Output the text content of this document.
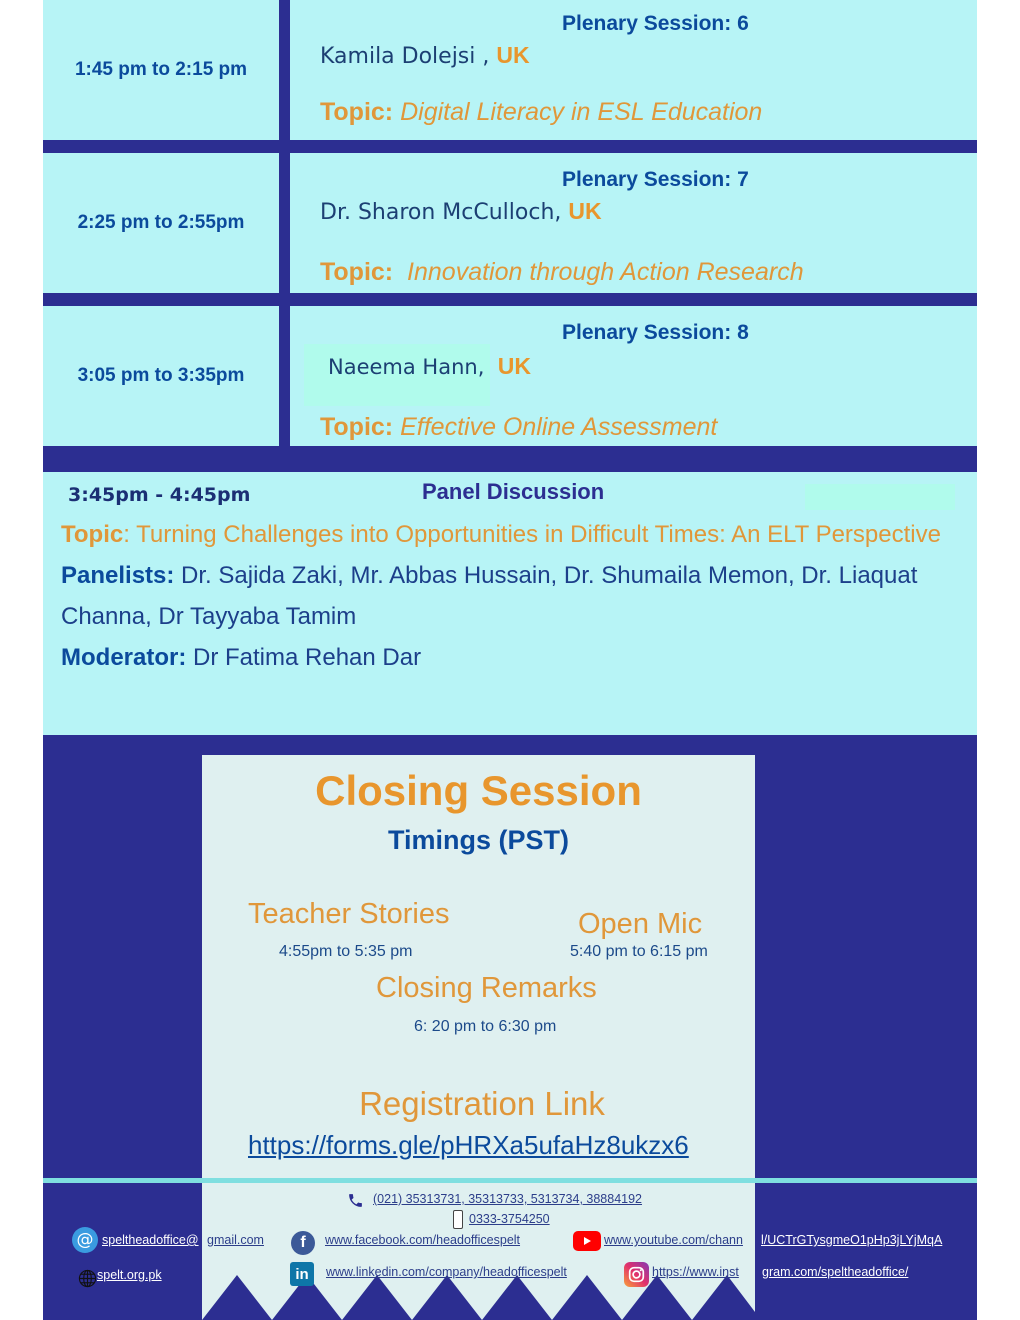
1:45 pm to 2:15 pm
Plenary Session: 6
Kamila Dolejsi , UK
Topic: Digital Literacy in ESL Education
2:25 pm to 2:55pm
Plenary Session: 7
Dr. Sharon McCulloch, UK
Topic: Innovation through Action Research
3:05 pm to 3:35pm
Plenary Session: 8
Naeema Hann, UK
Topic: Effective Online Assessment
3:45pm - 4:45pm	Panel Discussion
Topic: Turning Challenges into Opportunities in Difficult Times: An ELT Perspective
Panelists: Dr. Sajida Zaki, Mr. Abbas Hussain, Dr. Shumaila Memon, Dr. Liaquat Channa, Dr Tayyaba Tamim
Moderator: Dr Fatima Rehan Dar
Closing Session
Timings (PST)
Teacher Stories
4:55pm to 5:35 pm
Open Mic
5:40 pm to 6:15 pm
Closing Remarks
6: 20 pm to 6:30 pm
Registration Link
https://forms.gle/pHRXa5ufaHz8ukzx6
(021) 35313731, 35313733, 5313734, 38884192
0333-3754250
@ speltheadoffice@ gmail.com
spelt.org.pk
f	www.facebook.com/headofficespelt
in	www.linkedin.com/company/headofficespelt
www.youtube.com/chann l/UCTrGTysgmeO1pHp3jLYjMqA
https://www.inst gram.com/speltheadoffice/
